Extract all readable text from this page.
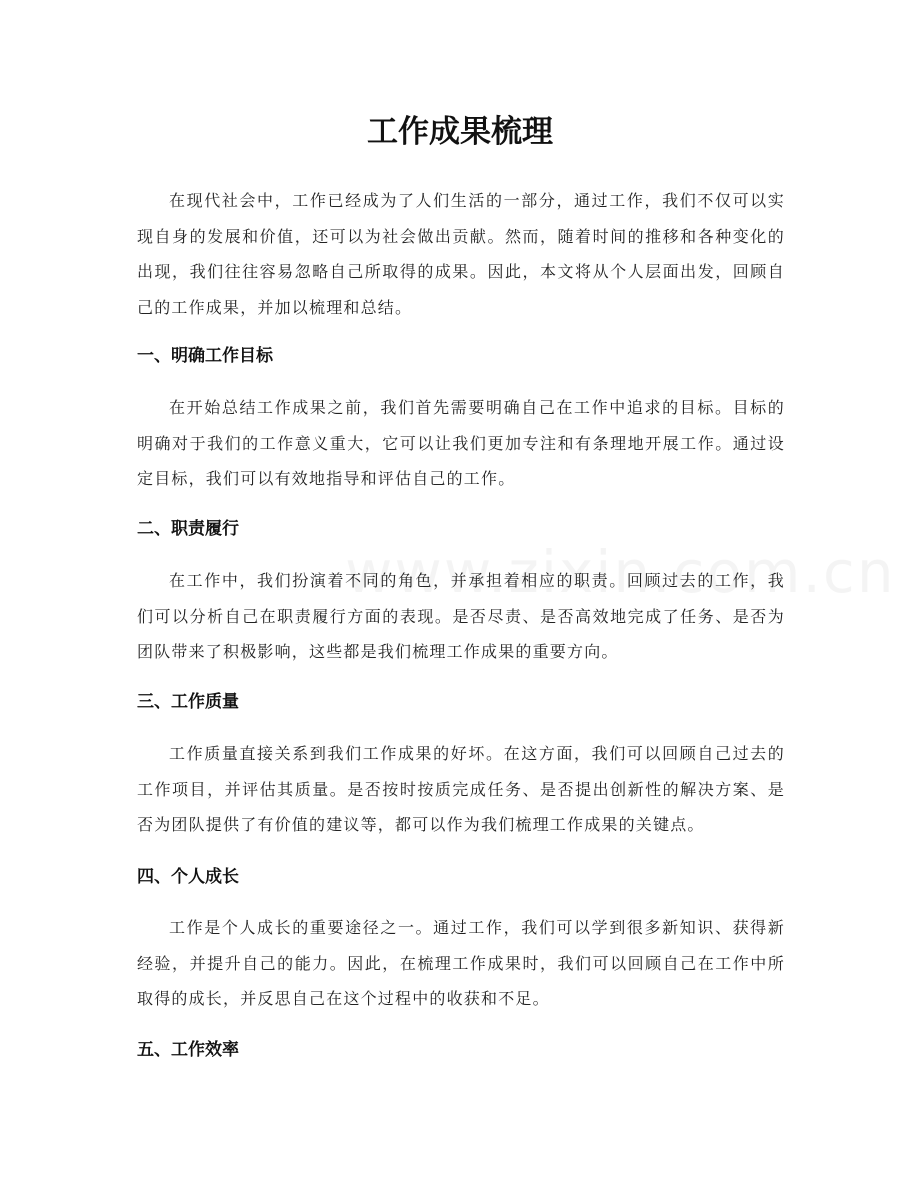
工作成果梳理

在现代社会中，工作已经成为了人们生活的一部分，通过工作，我们不仅可以实现自身的发展和价值，还可以为社会做出贡献。然而，随着时间的推移和各种变化的出现，我们往往容易忽略自己所取得的成果。因此，本文将从个人层面出发，回顾自己的工作成果，并加以梳理和总结。

一、明确工作目标

在开始总结工作成果之前，我们首先需要明确自己在工作中追求的目标。目标的明确对于我们的工作意义重大，它可以让我们更加专注和有条理地开展工作。通过设定目标，我们可以有效地指导和评估自己的工作。

二、职责履行

在工作中，我们扮演着不同的角色，并承担着相应的职责。回顾过去的工作，我们可以分析自己在职责履行方面的表现。是否尽责、是否高效地完成了任务、是否为团队带来了积极影响，这些都是我们梳理工作成果的重要方向。

三、工作质量

工作质量直接关系到我们工作成果的好坏。在这方面，我们可以回顾自己过去的工作项目，并评估其质量。是否按时按质完成任务、是否提出创新性的解决方案、是否为团队提供了有价值的建议等，都可以作为我们梳理工作成果的关键点。

四、个人成长

工作是个人成长的重要途径之一。通过工作，我们可以学到很多新知识、获得新经验，并提升自己的能力。因此，在梳理工作成果时，我们可以回顾自己在工作中所取得的成长，并反思自己在这个过程中的收获和不足。

五、工作效率
